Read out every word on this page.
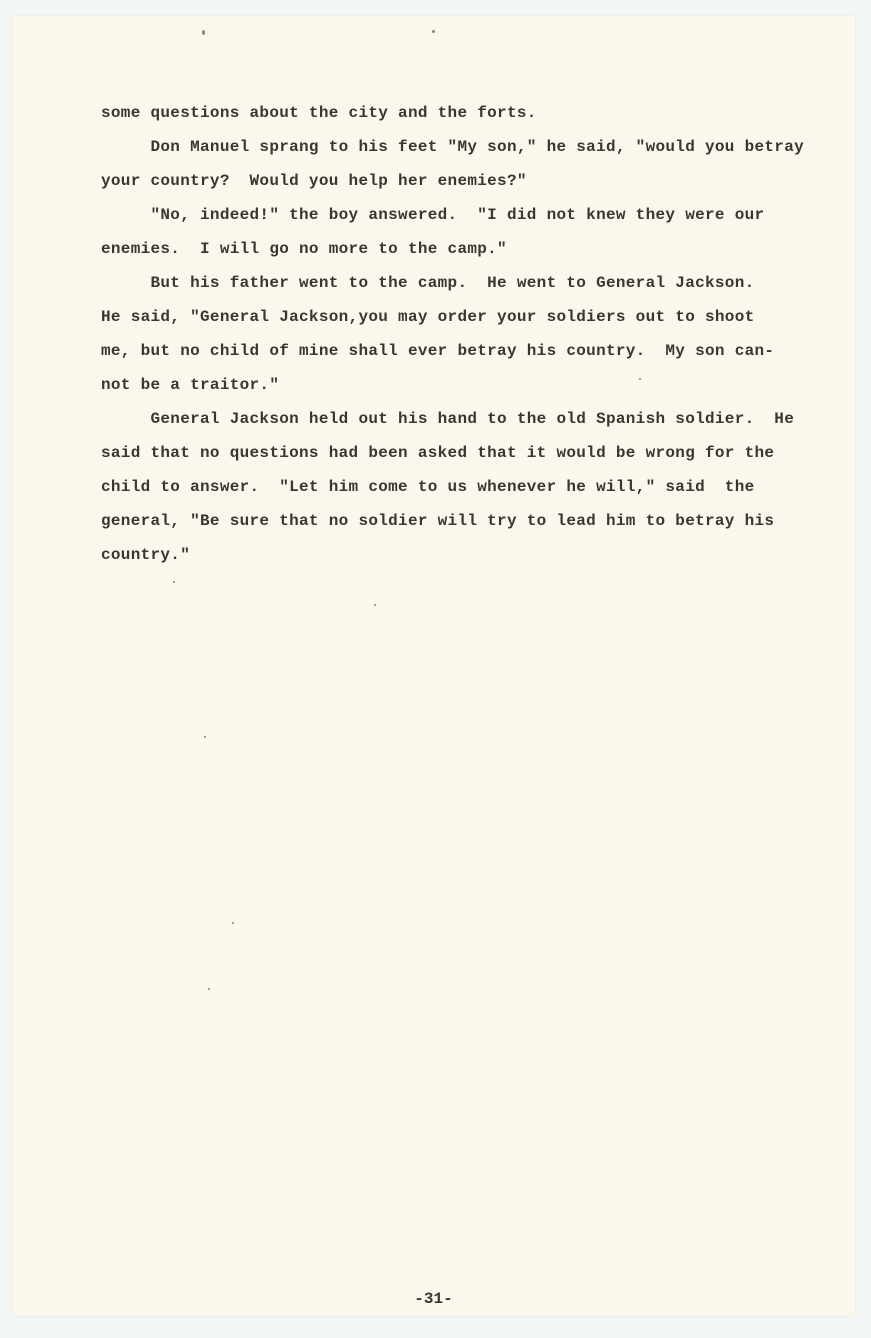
some questions about the city and the forts.

Don Manuel sprang to his feet "My son," he said, "would you betray

your country?  Would you help her enemies?"

"No, indeed!" the boy answered.  "I did not knew they were our

enemies.  I will go no more to the camp."

But his father went to the camp.  He went to General Jackson.

He said, "General Jackson,you may order your soldiers out to shoot

me, but no child of mine shall ever betray his country.  My son can-

not be a traitor."

General Jackson held out his hand to the old Spanish soldier.  He

said that no questions had been asked that it would be wrong for the

child to answer.  "Let him come to us whenever he will," said  the

general, "Be sure that no soldier will try to lead him to betray his

country."

-31-
